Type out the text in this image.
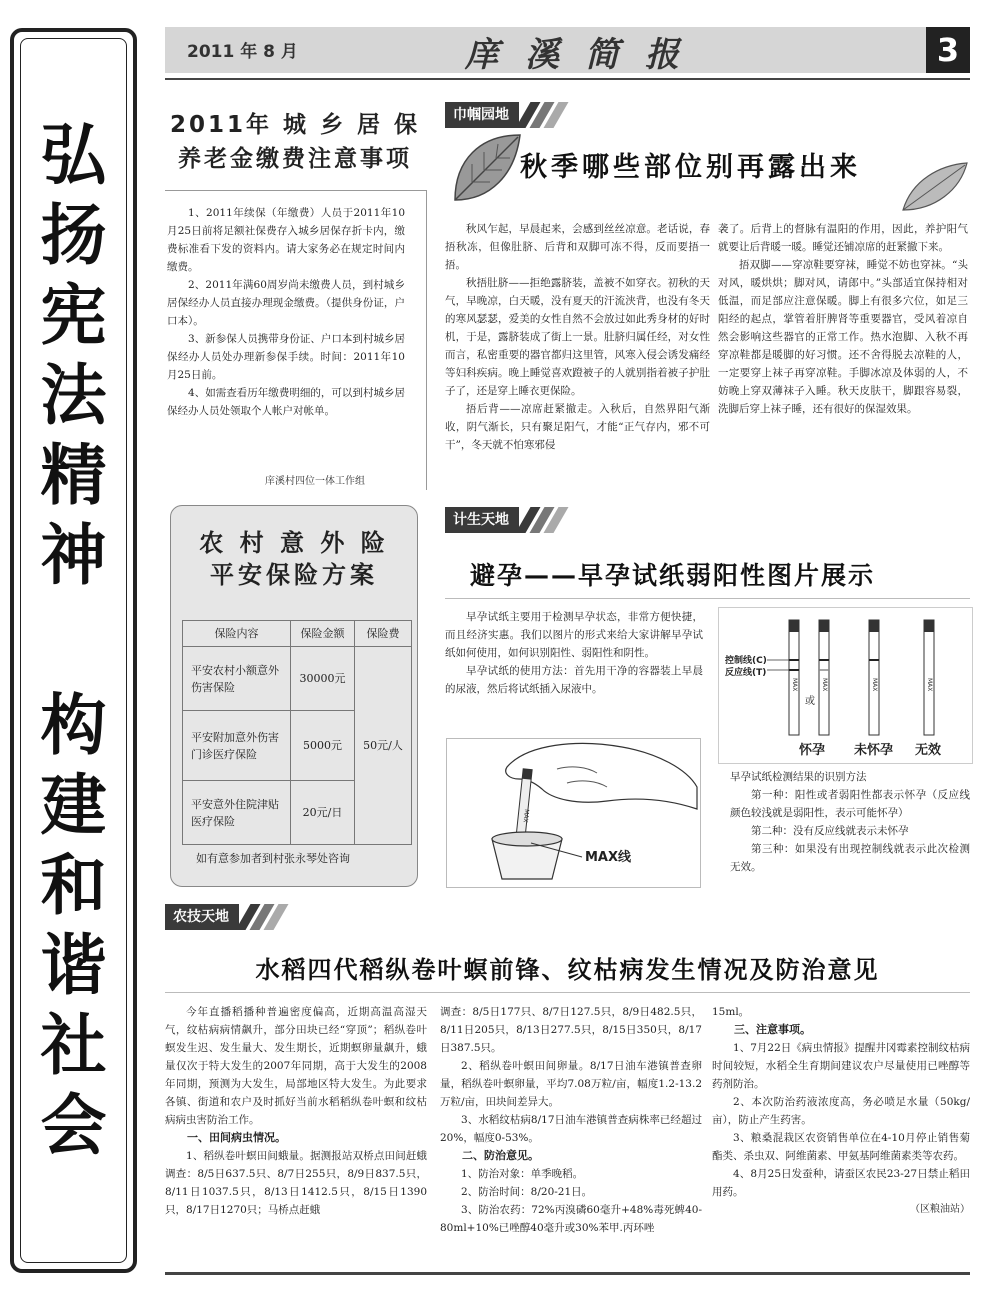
弘
扬
宪
法
精
神
构
建
和
谐
社
会
2011 年 8 月	庠溪简报	3
2011年 城 乡 居 保
养老金缴费注意事项

1、2011年续保（年缴费）人员于2011年10月25日前将足额社保费存入城乡居保存折卡内，缴费标准看下发的资料内。请大家务必在规定时间内缴费。

2、2011年满60周岁尚未缴费人员，到村城乡居保经办人员直接办理现金缴费。（提供身份证，户口本）。

3、新参保人员携带身份证、户口本到村城乡居保经办人员处办理新参保手续。时间：2011年10月25日前。

4、如需查看历年缴费明细的，可以到村城乡居保经办人员处领取个人帐户对帐单。

庠溪村四位一体工作组
农 村 意 外 险
平安保险方案
保险内容	保险金额	保险费
平安农村小额意外伤害保险	30000元	50元/人
平安附加意外伤害门诊医疗保险	5000元	
平安意外住院津贴医疗保险	20元/日	
如有意参加者到村张永琴处咨询
巾帼园地
秋季哪些部位别再露出来

秋风乍起，早晨起来，会感到丝丝凉意。老话说，春捂秋冻，但像肚脐、后背和双脚可冻不得，反而要捂一捂。

秋捂肚脐——拒绝露脐装，盖被不如穿衣。初秋的天气，早晚凉，白天暖，没有夏天的汗流浃背，也没有冬天的寒风瑟瑟，爱美的女性自然不会放过如此秀身材的好时机，于是，露脐装成了街上一景。肚脐归属任经，对女性而言，私密重要的器官都归这里管，风寒入侵会诱发痛经等妇科疾病。晚上睡觉喜欢蹬被子的人就别指着被子护肚子了，还是穿上睡衣更保险。

捂后背——凉席赶紧撤走。入秋后，自然界阳气渐收，阴气渐长，只有聚足阳气，才能“正气存内，邪不可干”，冬天就不怕寒邪侵

袭了。后背上的督脉有温阳的作用，因此，养护阳气就要让后背暖一暖。睡觉还铺凉席的赶紧撤下来。

捂双脚——穿凉鞋要穿袜，睡觉不妨也穿袜。“头对风，暖烘烘；脚对风，请郎中。”头部适宜保持相对低温，而足部应注意保暖。脚上有很多穴位，如足三阳经的起点，掌管着肝脾肾等重要器官，受风着凉自然会影响这些器官的正常工作。热水泡脚、入秋不再穿凉鞋都是暖脚的好习惯。还不舍得脱去凉鞋的人，一定要穿上袜子再穿凉鞋。手脚冰凉及体弱的人，不妨晚上穿双薄袜子入睡。秋天皮肤干，脚跟容易裂，洗脚后穿上袜子睡，还有很好的保湿效果。

计生天地
避孕——早孕试纸弱阳性图片展示

早孕试纸主要用于检测早孕状态，非常方便快捷，而且经济实惠。我们以图片的形式来给大家讲解早孕试纸如何使用，如何识别阳性、弱阳性和阴性。

早孕试纸的使用方法：首先用干净的容器装上早晨的尿液，然后将试纸插入尿液中。

MAX
MAX线
MAX	MAX
或
MAX	MAX
控制线(C)
反应线(T)
怀孕 未怀孕 无效

早孕试纸检测结果的识别方法

第一种：阳性或者弱阳性都表示怀孕（反应线颜色较浅就是弱阳性，表示可能怀孕）

第二种：没有反应线就表示未怀孕

第三种：如果没有出现控制线就表示此次检测无效。

农技天地
水稻四代稻纵卷叶螟前锋、纹枯病发生情况及防治意见

今年直播稻播种普遍密度偏高，近期高温高湿天气，纹枯病病情飙升，部分田块已经“穿顶”；稻纵卷叶螟发生迟、发生量大、发生期长，近期螟卵量飙升，蛾量仅次于特大发生的2007年同期，高于大发生的2008年同期，预测为大发生，局部地区特大发生。为此要求各镇、街道和农户及时抓好当前水稻稻纵卷叶螟和纹枯病病虫害防治工作。

一、田间病虫情况。

1、稻纵卷叶螟田间蛾量。据测报站双桥点田间赶蛾调查：8/5日637.5只、8/7日255只，8/9日837.5只，8/11日1037.5只，8/13日1412.5只，8/15日1390只，8/17日1270只；马桥点赶蛾

调查：8/5日177只、8/7日127.5只，8/9日482.5只，8/11日205只，8/13日277.5只，8/15日350只，8/17日387.5只。

2、稻纵卷叶螟田间卵量。8/17日油车港镇普查卵量，稻纵卷叶螟卵量，平均7.08万粒/亩，幅度1.2-13.2万粒/亩，田块间差异大。

3、水稻纹枯病8/17日油车港镇普查病株率已经超过20%，幅度0-53%。

二、防治意见。

1、防治对象：单季晚稻。

2、防治时间：8/20-21日。

3、防治农药：72%丙溴磷60毫升+48%毒死蜱40-80ml+10%已唑醇40毫升或30%苯甲.丙环唑

15ml。

三、注意事项。

1、7月22日《病虫情报》提醒井冈霉素控制纹枯病时间较短，水稻全生育期间建议农户尽量使用已唑醇等药剂防治。

2、本次防治药液浓度高，务必喷足水量（50kg/亩），防止产生药害。

3、粮桑混栽区农资销售单位在4-10月停止销售菊酯类、杀虫双、阿维菌素、甲氨基阿维菌素类等农药。

4、8月25日发蚕种，请蚕区农民23-27日禁止稻田用药。

（区粮油站）
